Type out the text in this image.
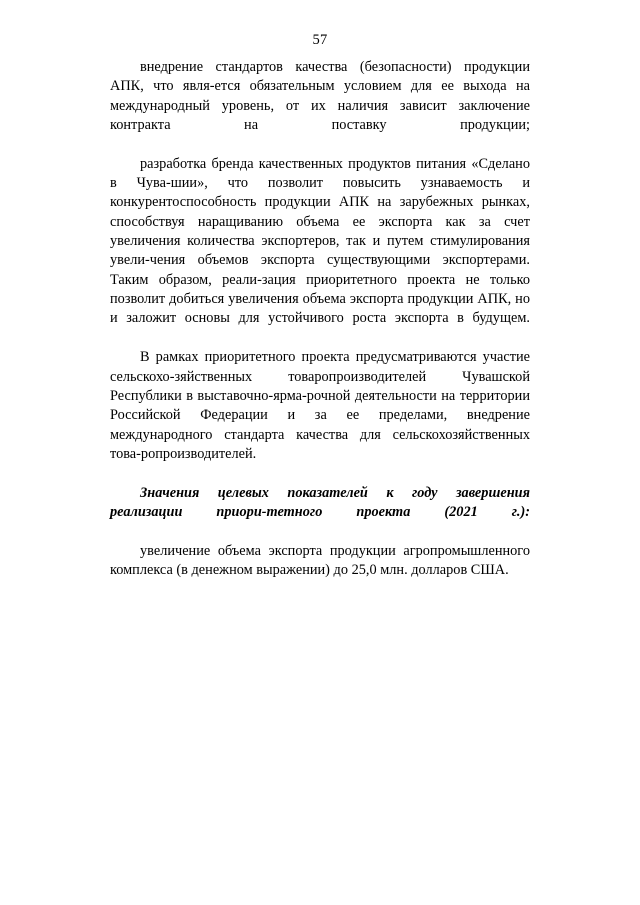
57

внедрение стандартов качества (безопасности) продукции АПК, что явля-ется обязательным условием для ее выхода на международный уровень, от их наличия зависит заключение контракта на поставку продукции;

разработка бренда качественных продуктов питания «Сделано в Чува-шии», что позволит повысить узнаваемость и конкурентоспособность продукции АПК на зарубежных рынках, способствуя наращиванию объема ее экспорта как за счет увеличения количества экспортеров, так и путем стимулирования увели-чения объемов экспорта существующими экспортерами. Таким образом, реали-зация приоритетного проекта не только позволит добиться увеличения объема экспорта продукции АПК, но и заложит основы для устойчивого роста экспорта в будущем.

В рамках приоритетного проекта предусматриваются участие сельскохо-зяйственных товаропроизводителей Чувашской Республики в выставочно-ярма-рочной деятельности на территории Российской Федерации и за ее пределами, внедрение международного стандарта качества для сельскохозяйственных това-ропроизводителей.

Значения целевых показателей к году завершения реализации приори-тетного проекта (2021 г.):

увеличение объема экспорта продукции агропромышленного комплекса (в денежном выражении) до 25,0 млн. долларов США.
